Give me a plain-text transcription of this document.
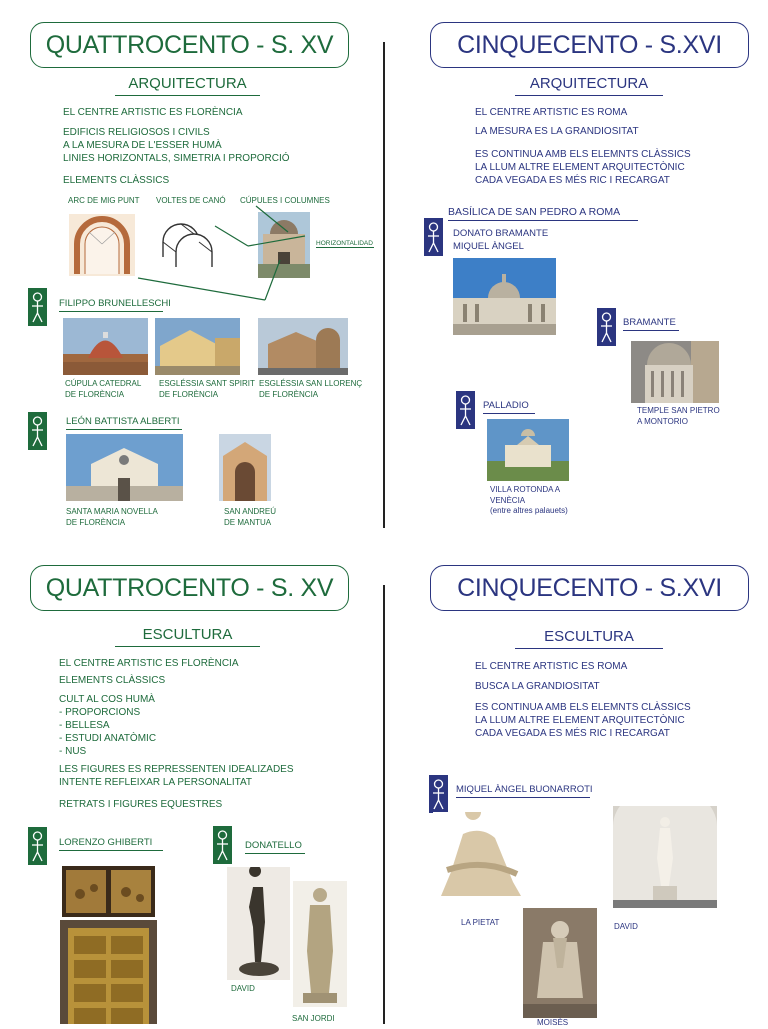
QUATTROCENTO - S. XV
ARQUITECTURA
EL CENTRE ARTISTIC ES FLORÈNCIA
EDIFICIS RELIGIOSOS I CIVILS
A LA MESURA DE L'ESSER HUMÀ
LINIES HORIZONTALS, SIMETRIA I PROPORCIÓ
ELEMENTS CLÀSSICS
ARC DE MIG PUNT VOLTES DE CANÓ CÚPULES I COLUMNES
HORIZONTALIDAD
FILIPPO BRUNELLESCHI
CÚPULA CATEDRAL
DE FLORÈNCIA
ESGLÉSSIA SANT SPIRIT
DE FLORÈNCIA
ESGLÉSSIA SAN LLORENÇ
DE FLORÈNCIA
LEÓN BATTISTA ALBERTI
SANTA MARIA NOVELLA
DE FLORÈNCIA
SAN ANDREÚ
DE MANTUA
CINQUECENTO - S.XVI
ARQUITECTURA
EL CENTRE ARTISTIC ES ROMA
LA MESURA ES LA GRANDIOSITAT
ES CONTINUA AMB ELS ELEMNTS CLÀSSICS
LA LLUM ALTRE ELEMENT ARQUITECTÒNIC
CADA VEGADA ES MÉS RIC I RECARGAT
BASÍLICA DE SAN PEDRO A ROMA
DONATO BRAMANTE
MIQUEL ÀNGEL
BRAMANTE
TEMPLE SAN PIETRO
A MONTORIO
PALLADIO
VILLA ROTONDA A
VENÈCIA
(entre altres palauets)
QUATTROCENTO - S. XV
ESCULTURA
EL CENTRE ARTISTIC ES FLORÈNCIA
ELEMENTS CLÀSSICS
CULT AL COS HUMÀ
- PROPORCIONS
- BELLESA
- ESTUDI ANATÒMIC
- NUS
LES FIGURES ES REPRESSENTEN IDEALIZADES
INTENTE REFLEIXAR LA PERSONALITAT
RETRATS I FIGURES EQUESTRES
LORENZO GHIBERTI	DONATELLO
DAVID
SAN JORDI
CINQUECENTO - S.XVI
ESCULTURA
EL CENTRE ARTISTIC ES ROMA
BUSCA LA GRANDIOSITAT
ES CONTINUA AMB ELS ELEMNTS CLÀSSICS
LA LLUM ALTRE ELEMENT ARQUITECTÒNIC
CADA VEGADA ES MÉS RIC I RECARGAT
MIQUEL ÀNGEL BUONARROTI
LA PIETAT	DAVID
MOISÈS
